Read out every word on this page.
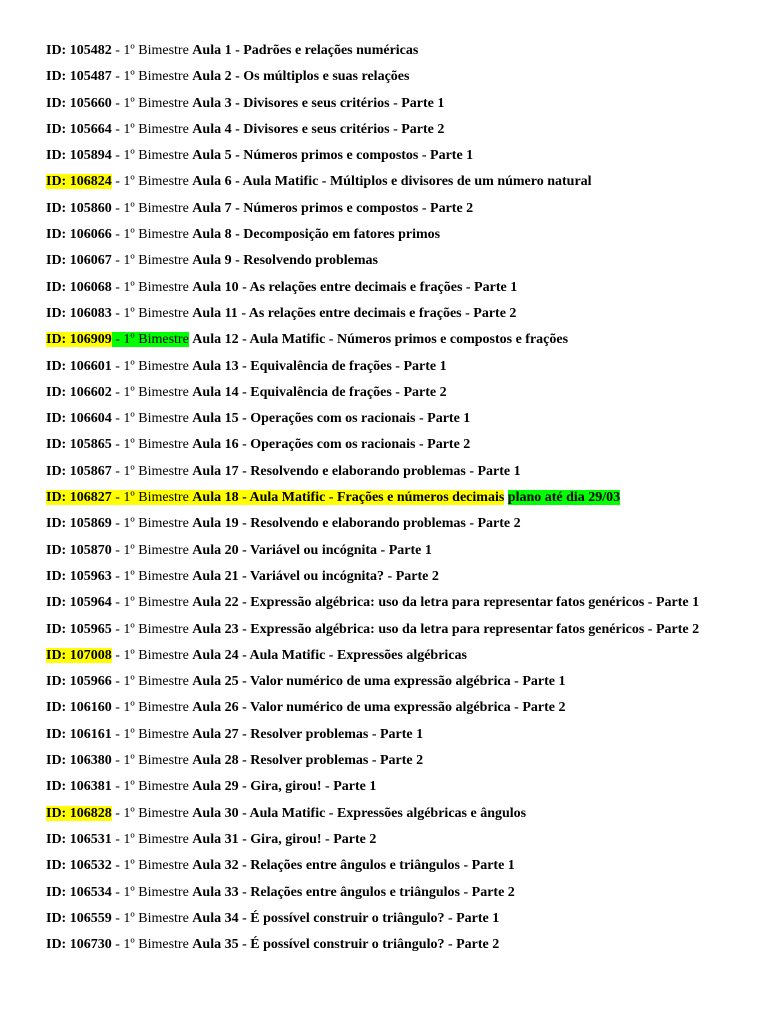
ID: 105482 - 1º Bimestre Aula 1 - Padrões e relações numéricas
ID: 105487 - 1º Bimestre Aula 2 - Os múltiplos e suas relações
ID: 105660 - 1º Bimestre Aula 3 - Divisores e seus critérios - Parte 1
ID: 105664 - 1º Bimestre Aula 4 - Divisores e seus critérios - Parte 2
ID: 105894 - 1º Bimestre Aula 5 - Números primos e compostos - Parte 1
ID: 106824 - 1º Bimestre Aula 6 - Aula Matific - Múltiplos e divisores de um número natural
ID: 105860 - 1º Bimestre Aula 7 - Números primos e compostos - Parte 2
ID: 106066 - 1º Bimestre Aula 8 - Decomposição em fatores primos
ID: 106067 - 1º Bimestre Aula 9 - Resolvendo problemas
ID: 106068 - 1º Bimestre Aula 10 - As relações entre decimais e frações - Parte 1
ID: 106083 - 1º Bimestre Aula 11 - As relações entre decimais e frações - Parte 2
ID: 106909 - 1º Bimestre Aula 12 - Aula Matific - Números primos e compostos e frações
ID: 106601 - 1º Bimestre Aula 13 - Equivalência de frações - Parte 1
ID: 106602 - 1º Bimestre Aula 14 - Equivalência de frações - Parte 2
ID: 106604 - 1º Bimestre Aula 15 - Operações com os racionais - Parte 1
ID: 105865 - 1º Bimestre Aula 16 - Operações com os racionais - Parte 2
ID: 105867 - 1º Bimestre Aula 17 - Resolvendo e elaborando problemas - Parte 1
ID: 106827 - 1º Bimestre Aula 18 - Aula Matific - Frações e números decimais plano até dia 29/03
ID: 105869 - 1º Bimestre Aula 19 - Resolvendo e elaborando problemas - Parte 2
ID: 105870 - 1º Bimestre Aula 20 - Variável ou incógnita - Parte 1
ID: 105963 - 1º Bimestre Aula 21 - Variável ou incógnita? - Parte 2
ID: 105964 - 1º Bimestre Aula 22 - Expressão algébrica: uso da letra para representar fatos genéricos - Parte 1
ID: 105965 - 1º Bimestre Aula 23 - Expressão algébrica: uso da letra para representar fatos genéricos - Parte 2
ID: 107008 - 1º Bimestre Aula 24 - Aula Matific - Expressões algébricas
ID: 105966 - 1º Bimestre Aula 25 - Valor numérico de uma expressão algébrica - Parte 1
ID: 106160 - 1º Bimestre Aula 26 - Valor numérico de uma expressão algébrica - Parte 2
ID: 106161 - 1º Bimestre Aula 27 - Resolver problemas - Parte 1
ID: 106380 - 1º Bimestre Aula 28 - Resolver problemas - Parte 2
ID: 106381 - 1º Bimestre Aula 29 - Gira, girou! - Parte 1
ID: 106828 - 1º Bimestre Aula 30 - Aula Matific - Expressões algébricas e ângulos
ID: 106531 - 1º Bimestre Aula 31 - Gira, girou! - Parte 2
ID: 106532 - 1º Bimestre Aula 32 - Relações entre ângulos e triângulos - Parte 1
ID: 106534 - 1º Bimestre Aula 33 - Relações entre ângulos e triângulos - Parte 2
ID: 106559 - 1º Bimestre Aula 34 - É possível construir o triângulo? - Parte 1
ID: 106730 - 1º Bimestre Aula 35 - É possível construir o triângulo? - Parte 2
